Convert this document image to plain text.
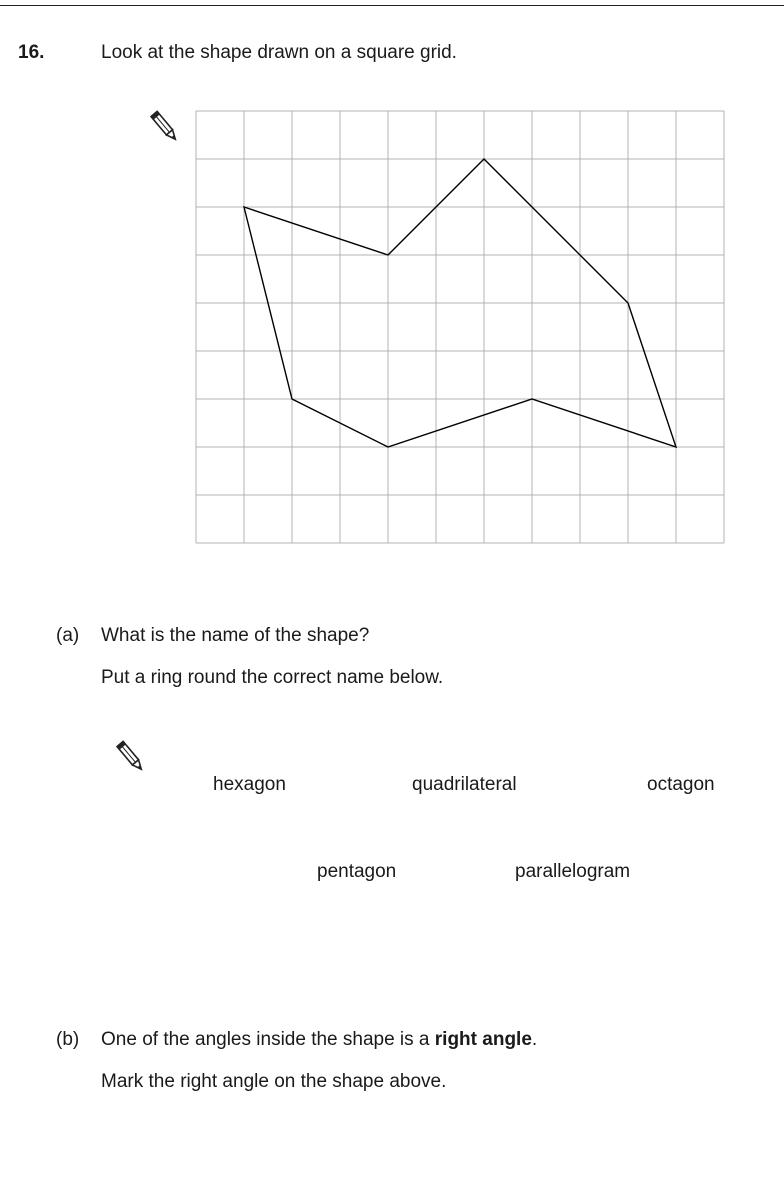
16.	Look at the shape drawn on a square grid.
(a) What is the name of the shape?
Put a ring round the correct name below.
hexagon	quadrilateral	octagon
pentagon	parallelogram
(b) One of the angles inside the shape is a right angle.
Mark the right angle on the shape above.
